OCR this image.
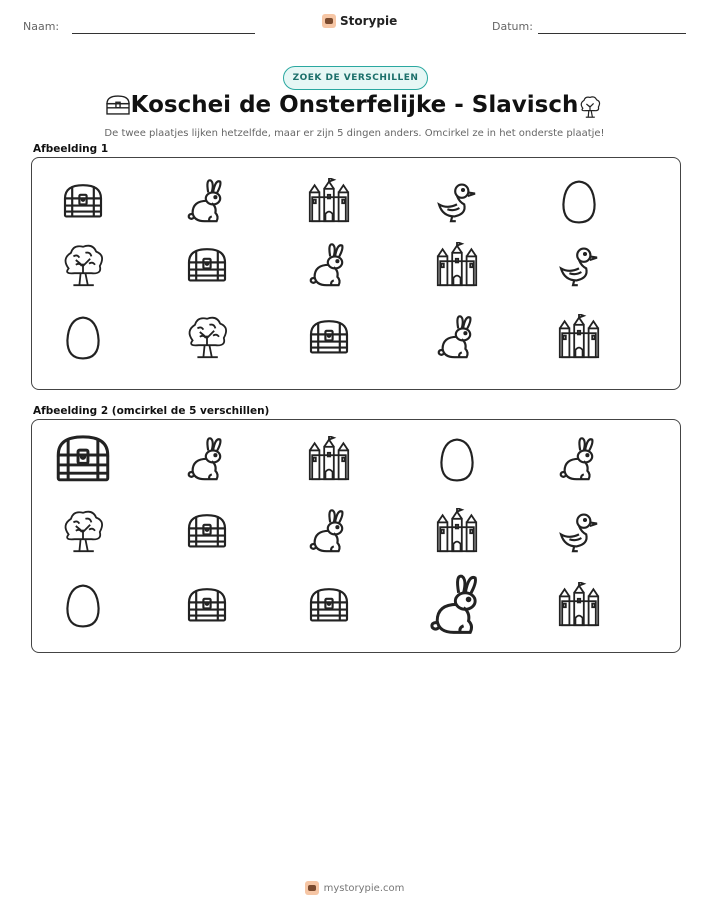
Naam:	Storypie	Datum:
ZOEK DE VERSCHILLEN
Koschei de Onsterfelijke - Slavisch
De twee plaatjes lijken hetzelfde, maar er zijn 5 dingen anders. Omcirkel ze in het onderste plaatje!
Afbeelding 1
Afbeelding 2 (omcirkel de 5 verschillen)
mystorypie.com
